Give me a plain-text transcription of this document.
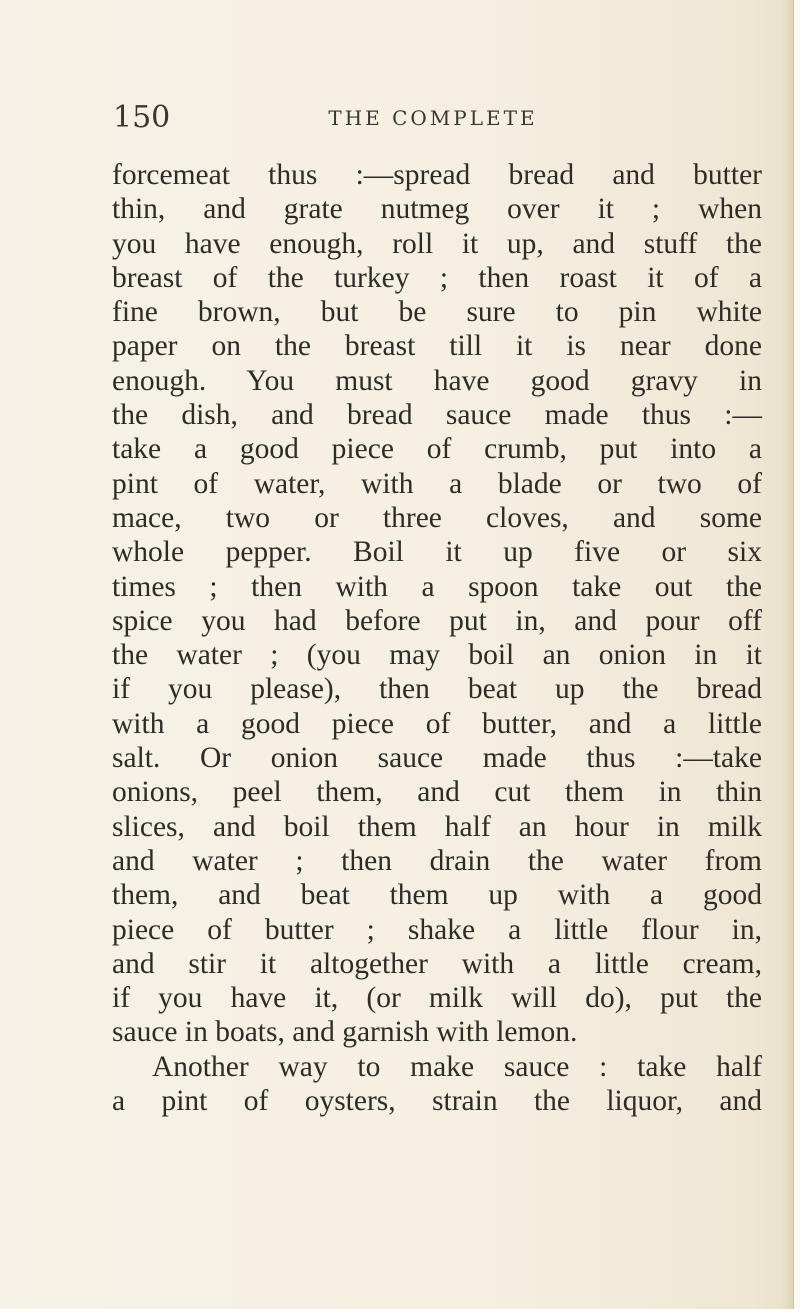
150	THE COMPLETE
forcemeat thus :—spread bread and butter
thin, and grate nutmeg over it ; when
you have enough, roll it up, and stuff the
breast of the turkey ; then roast it of a
fine brown, but be sure to pin white
paper on the breast till it is near done
enough. You must have good gravy in
the dish, and bread sauce made thus :—
take a good piece of crumb, put into a
pint of water, with a blade or two of
mace, two or three cloves, and some
whole pepper. Boil it up five or six
times ; then with a spoon take out the
spice you had before put in, and pour off
the water ; (you may boil an onion in it
if you please), then beat up the bread
with a good piece of butter, and a little
salt. Or onion sauce made thus :—take
onions, peel them, and cut them in thin
slices, and boil them half an hour in milk
and water ; then drain the water from
them, and beat them up with a good
piece of butter ; shake a little flour in,
and stir it altogether with a little cream,
if you have it, (or milk will do), put the
sauce in boats, and garnish with lemon.
Another way to make sauce : take half
a pint of oysters, strain the liquor, and
